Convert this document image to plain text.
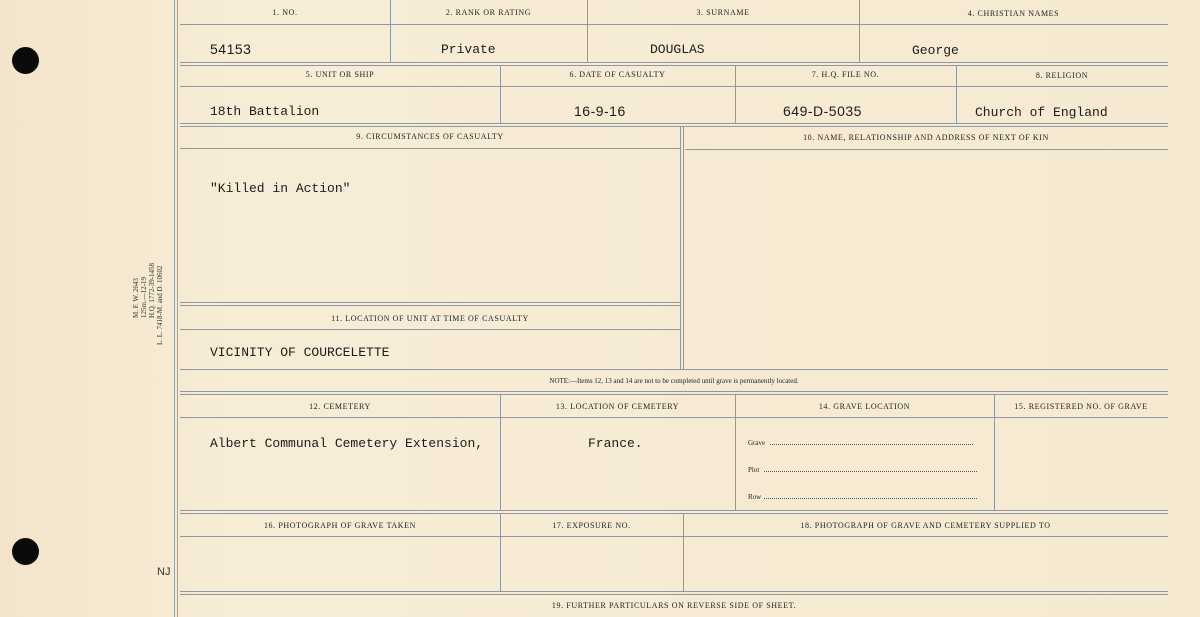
M. F. W. 2643 125m.—12-19 H.Q. 1772-39-1458 L. L. 7418-M. and D. 10602
NJ
1. NO.	2. RANK OR RATING	3. SURNAME	4. CHRISTIAN NAMES
54153	Private	DOUGLAS	George
5. UNIT OR SHIP	6. DATE OF CASUALTY	7. H.Q. FILE NO.	8. RELIGION
18th Battalion	16-9-16	649-D-5035	Church of England
9. CIRCUMSTANCES OF CASUALTY	10. NAME, RELATIONSHIP AND ADDRESS OF NEXT OF KIN
"Killed in Action"
11. LOCATION OF UNIT AT TIME OF CASUALTY
VICINITY OF COURCELETTE
NOTE:—Items 12, 13 and 14 are not to be completed until grave is permanently located.
12. CEMETERY	13. LOCATION OF CEMETERY	14. GRAVE LOCATION	15. REGISTERED NO. OF GRAVE
Albert Communal Cemetery Extension,	France.	Grave
Plot
Row
16. PHOTOGRAPH OF GRAVE TAKEN	17. EXPOSURE NO.	18. PHOTOGRAPH OF GRAVE AND CEMETERY SUPPLIED TO
19. FURTHER PARTICULARS ON REVERSE SIDE OF SHEET.
